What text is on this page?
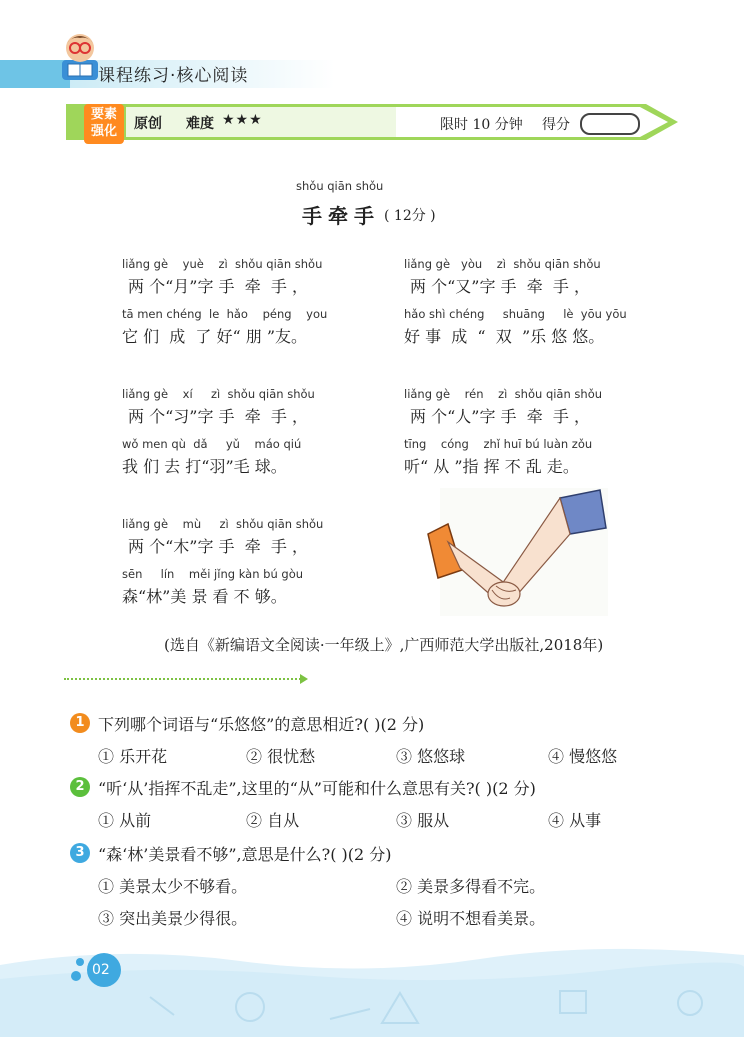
课程练习·核心阅读
要素
强化	原创 难度 ★★★	限时 10 分钟 得分
shǒu qiān shǒu
手牵手 ( 12分 )
liǎng gè    yuè    zì  shǒu qiān shǒu
两 个“月”字 手  牵  手 ，
tā men chéng  le  hǎo    péng    you
它 们  成  了 好“ 朋 ”友。
liǎng gè   yòu    zì  shǒu qiān shǒu
两 个“又”字 手  牵  手 ，
hǎo shì chéng     shuāng     lè  yōu yōu
好 事  成  “  双  ”乐 悠 悠。
liǎng gè    xí     zì  shǒu qiān shǒu
两 个“习”字 手  牵  手 ，
wǒ men qù  dǎ     yǔ    máo qiú
我 们 去 打“羽”毛 球。
liǎng gè    rén    zì  shǒu qiān shǒu
两 个“人”字 手  牵  手 ，
tīng    cóng    zhǐ huī bú luàn zǒu
听“ 从 ”指 挥 不 乱 走。
liǎng gè    mù     zì  shǒu qiān shǒu
两 个“木”字 手  牵  手 ，
sēn     lín    měi jǐng kàn bú gòu
森“林”美 景 看 不 够。
(选自《新编语文全阅读·一年级上》,广西师范大学出版社,2018年)
1 下列哪个词语与“乐悠悠”的意思相近?( )(2 分)
① 乐开花	② 很忧愁	③ 悠悠球	④ 慢悠悠
2 “听‘从’指挥不乱走”,这里的“从”可能和什么意思有关?( )(2 分)
① 从前	② 自从	③ 服从	④ 从事
3 “森‘林’美景看不够”,意思是什么?( )(2 分)
① 美景太少不够看。	② 美景多得看不完。
③ 突出美景少得很。	④ 说明不想看美景。
02
